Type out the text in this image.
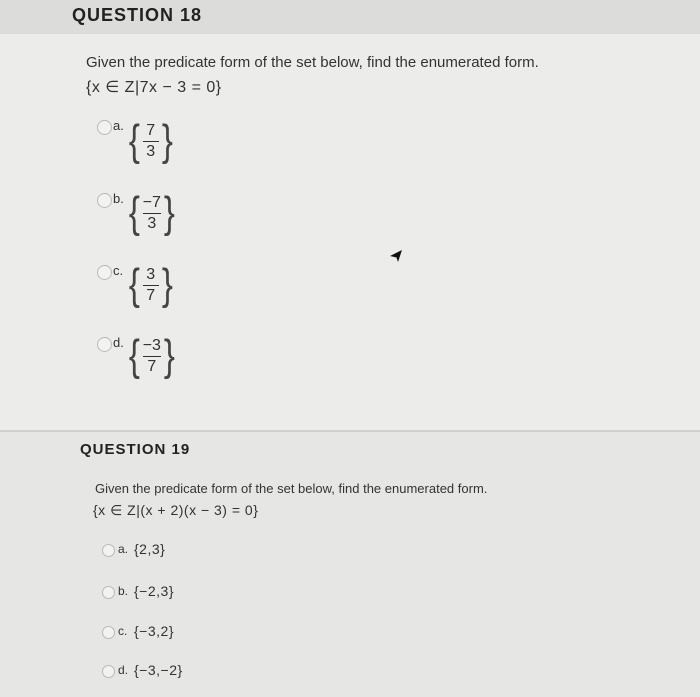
QUESTION 18
Given the predicate form of the set below, find the enumerated form.
{x ∈ Z|7x − 3 = 0}
a. { $\frac{7}{3}$ }
b. { $\frac{-7}{3}$ }
c. { $\frac{3}{7}$ }
d. { $\frac{-3}{7}$ }
QUESTION 19
Given the predicate form of the set below, find the enumerated form.
{x ∈ Z|(x + 2)(x − 3) = 0}
a. {2,3}
b. {−2,3}
c. {−3,2}
d. {−3,−2}
